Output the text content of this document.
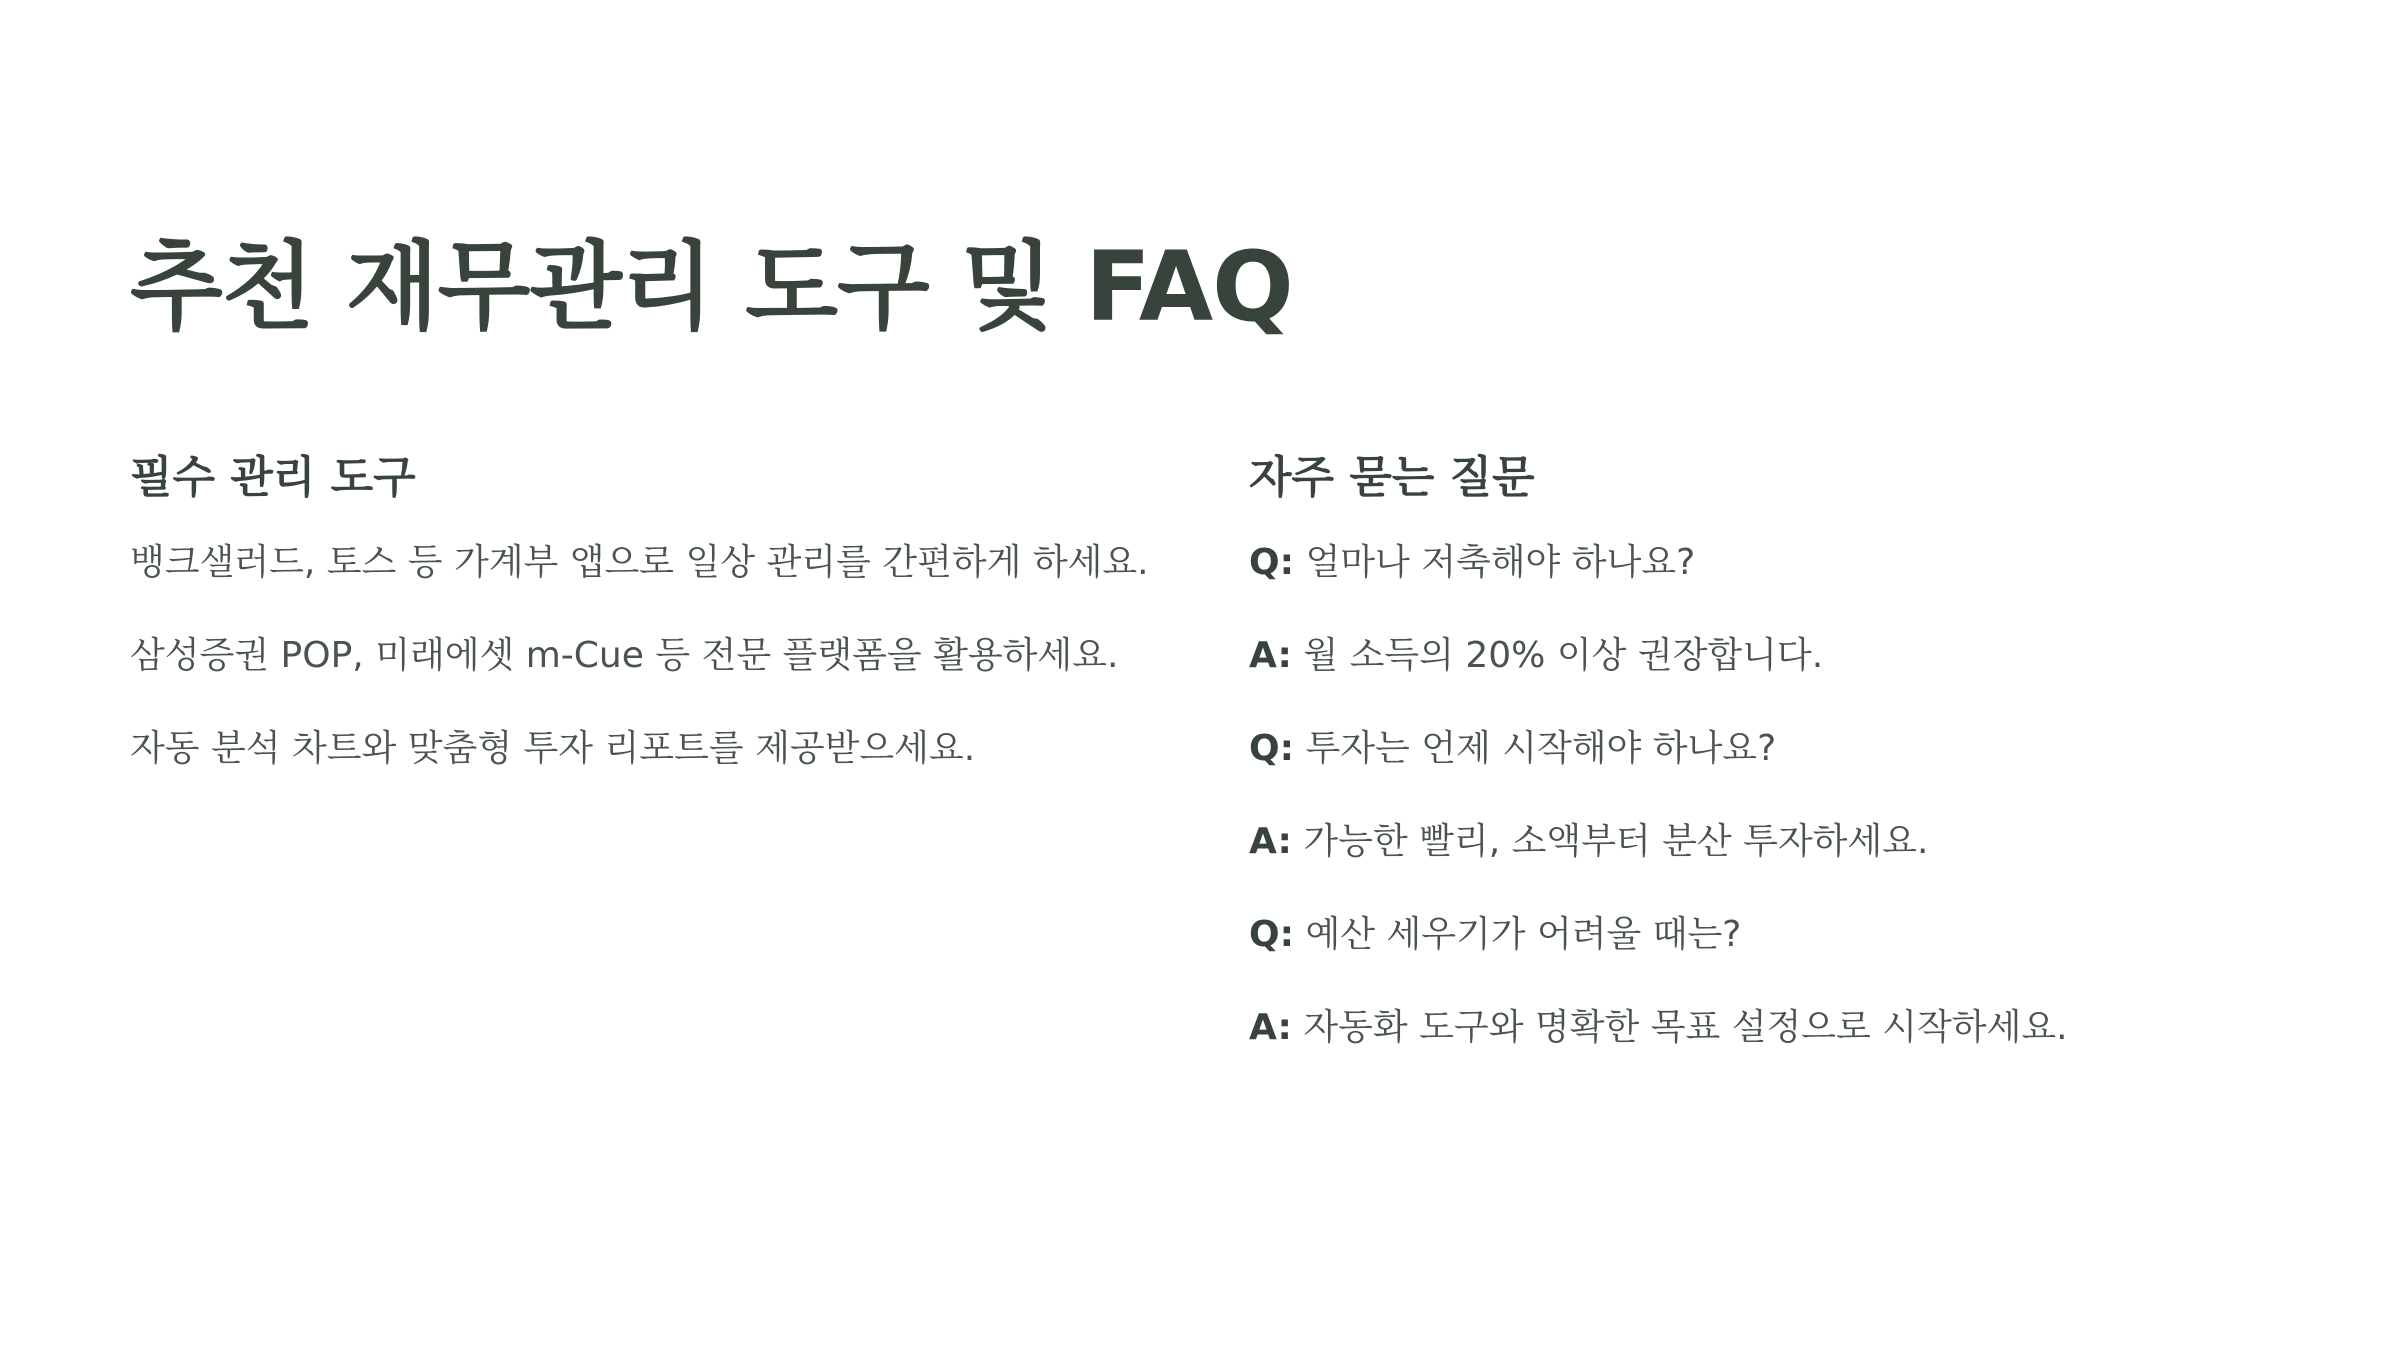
추천 재무관리 도구 및 FAQ
필수 관리 도구
뱅크샐러드, 토스 등 가계부 앱으로 일상 관리를 간편하게 하세요.
삼성증권 POP, 미래에셋 m-Cue 등 전문 플랫폼을 활용하세요.
자동 분석 차트와 맞춤형 투자 리포트를 제공받으세요.
자주 묻는 질문
Q: 얼마나 저축해야 하나요?
A: 월 소득의 20% 이상 권장합니다.
Q: 투자는 언제 시작해야 하나요?
A: 가능한 빨리, 소액부터 분산 투자하세요.
Q: 예산 세우기가 어려울 때는?
A: 자동화 도구와 명확한 목표 설정으로 시작하세요.
